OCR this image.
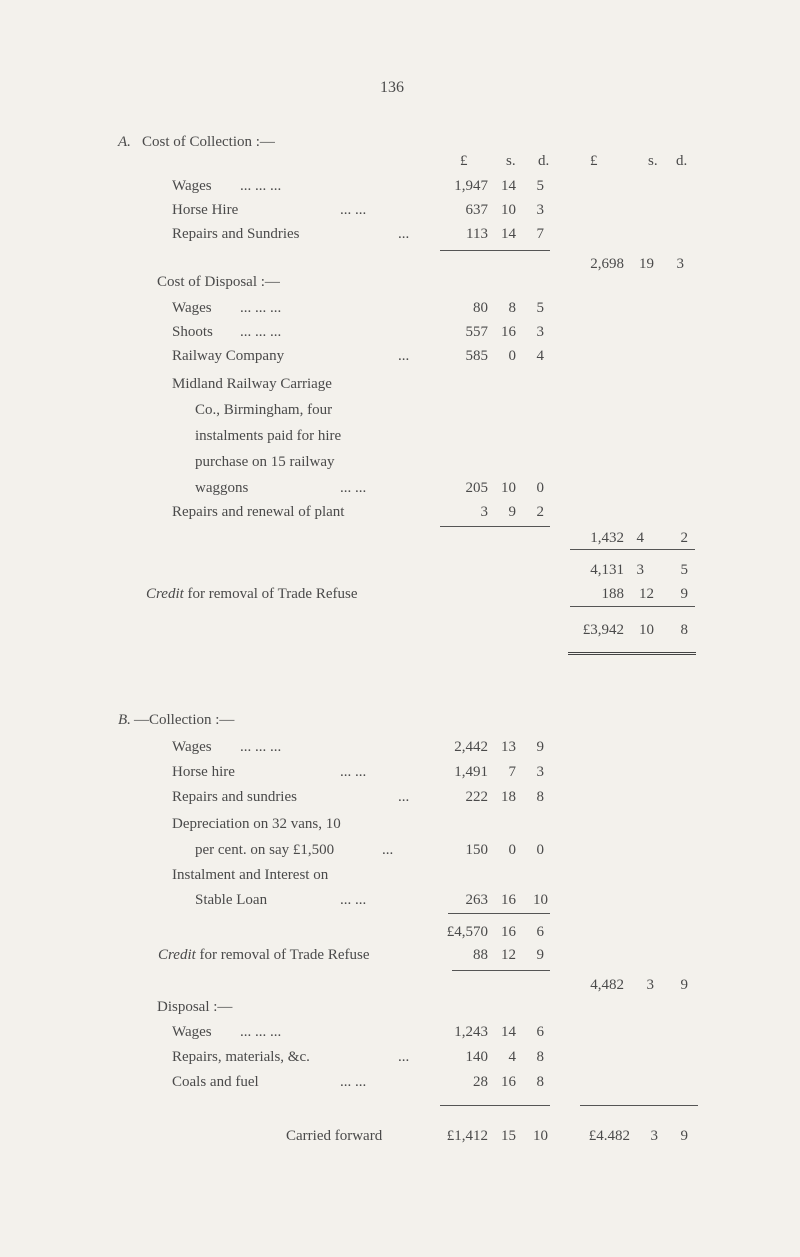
136
A. Cost of Collection :—
£	s. d.	£	s. d.
Wages ... ... ...	1,947 14	5
Horse Hire	... ...	637 10	3
Repairs and Sundries	...	113 14	7
2,698	19	3
Cost of Disposal :—
Wages ... ... ...	80	8	5
Shoots ... ... ...	557 16	3
Railway Company	...	585	0	4
Midland Railway Carriage
Co., Birmingham, four
instalments paid for hire
purchase on 15 railway
waggons	... ...	205 10	0
Repairs and renewal of plant	3	9	2
1,432 4	2
4,131 3	5
Credit for removal of Trade Refuse	188	12	9
£3,942	10	8
B. —Collection :—
Wages ... ... ...	2,442 13	9
Horse hire	... ...	1,491	7	3
Repairs and sundries	...	222 18	8
Depreciation on 32 vans, 10
per cent. on say £1,500	...	150	0	0
Instalment and Interest on
Stable Loan	... ...	263 16	10
£4,570 16	6
Credit for removal of Trade Refuse	88 12	9
4,482	3	9
Disposal :—
Wages ... ... ...	1,243 14	6
Repairs, materials, &c.	...	140	4	8
Coals and fuel	... ...	28 16	8
Carried forward	£1,412 15	10	£4.482	3	9
